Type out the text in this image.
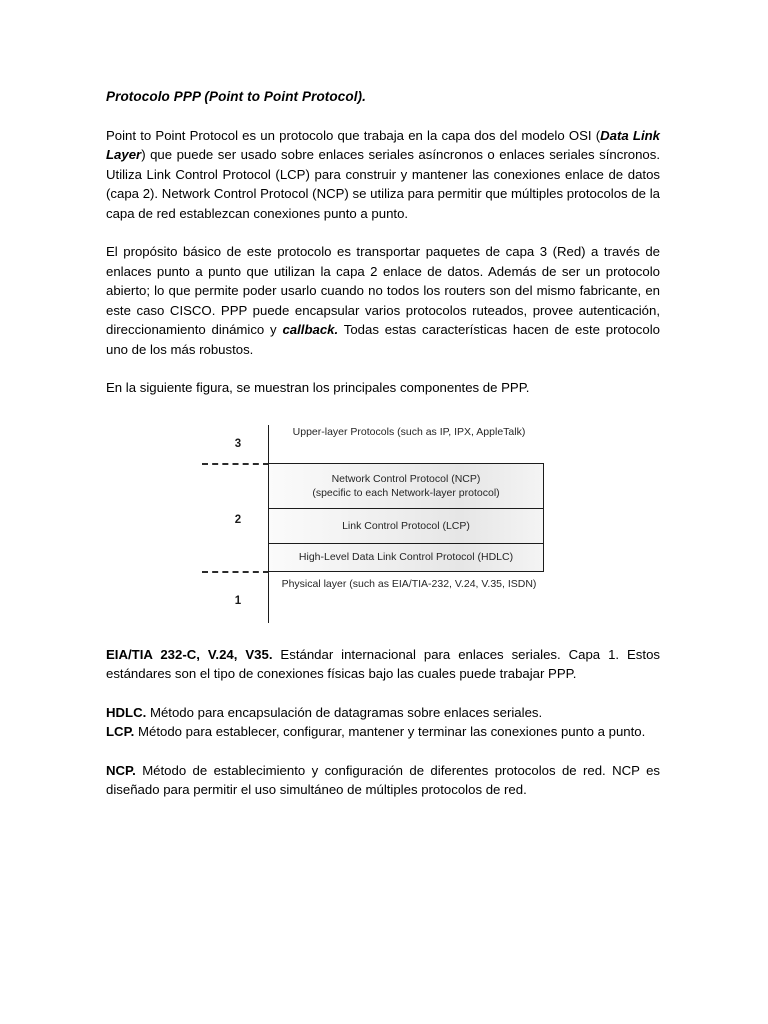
Protocolo PPP (Point to Point Protocol).

Point to Point Protocol es un protocolo que trabaja en la capa dos del modelo OSI (Data Link Layer) que puede ser usado sobre enlaces seriales asíncronos o enlaces seriales síncronos. Utiliza Link Control Protocol (LCP) para construir y mantener las conexiones enlace de datos (capa 2). Network Control Protocol (NCP) se utiliza para permitir que múltiples protocolos de la capa de red establezcan conexiones punto a punto.

El propósito básico de este protocolo es transportar paquetes de capa 3 (Red) a través de enlaces punto a punto que utilizan la capa 2 enlace de datos. Además de ser un protocolo abierto; lo que permite poder usarlo cuando no todos los routers son del mismo fabricante, en este caso CISCO. PPP puede encapsular varios protocolos ruteados, provee autenticación, direccionamiento dinámico y callback. Todas estas características hacen de este protocolo uno de los más robustos.

En la siguiente figura, se muestran los principales componentes de PPP.

3
2
1
Upper-layer Protocols (such as IP, IPX, AppleTalk)
Network Control Protocol (NCP)
(specific to each Network-layer protocol)
Link Control Protocol (LCP)
High-Level Data Link Control Protocol (HDLC)
Physical layer (such as EIA/TIA-232, V.24, V.35, ISDN)

EIA/TIA 232-C, V.24, V35. Estándar internacional para enlaces seriales. Capa 1. Estos estándares son el tipo de conexiones físicas bajo las cuales puede trabajar PPP.

HDLC. Método para encapsulación de datagramas sobre enlaces seriales.
LCP. Método para establecer, configurar, mantener y terminar las conexiones punto a punto.

NCP. Método de establecimiento y configuración de diferentes protocolos de red. NCP es diseñado para permitir el uso simultáneo de múltiples protocolos de red.
